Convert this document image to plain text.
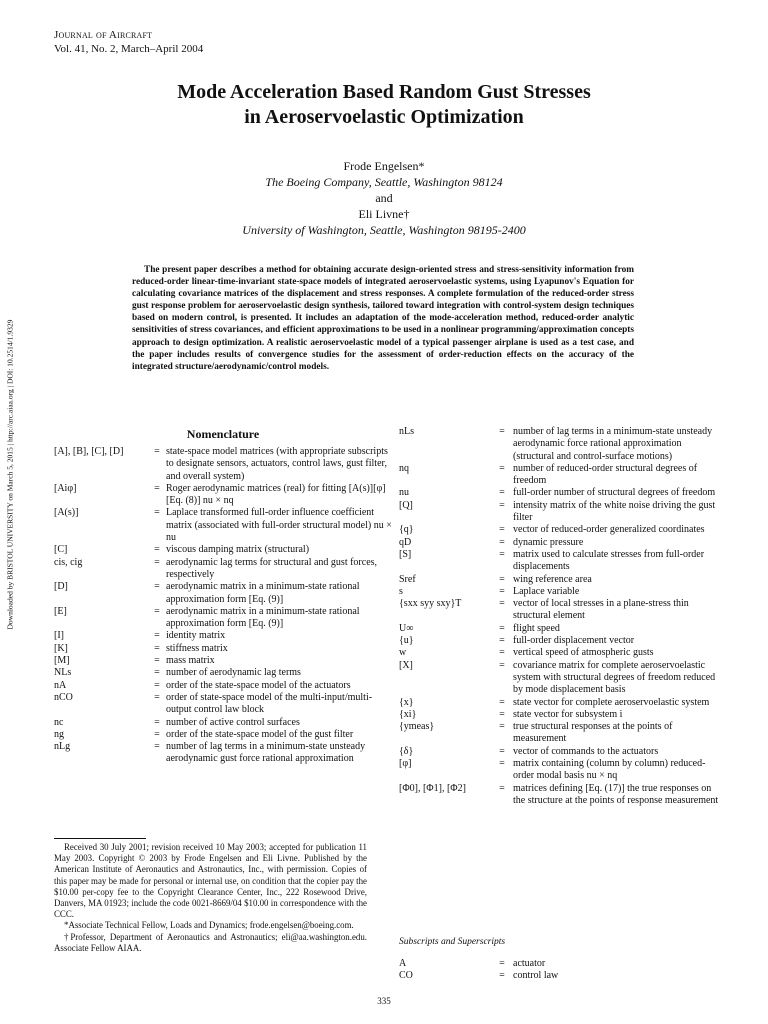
Journal of Aircraft
Vol. 41, No. 2, March–April 2004
Mode Acceleration Based Random Gust Stresses
in Aeroservoelastic Optimization
Frode Engelsen*
The Boeing Company, Seattle, Washington 98124
and
Eli Livne†
University of Washington, Seattle, Washington 98195-2400
Downloaded by BRISTOL UNIVERSITY on March 5, 2015 | http://arc.aiaa.org | DOI: 10.2514/1.9329
The present paper describes a method for obtaining accurate design-oriented stress and stress-sensitivity information from reduced-order linear-time-invariant state-space models of integrated aeroservoelastic systems, using Lyapunov's Equation for calculating covariance matrices of the displacement and stress responses. A complete formulation of the reduced-order stress gust response problem for aeroservoelastic design synthesis, tailored toward integration with control-system design techniques based on modern control, is presented. It includes an adaptation of the mode-acceleration method, reduced-order analytic sensitivities of stress covariances, and efficient approximations to be used in a nonlinear programming/approximation concepts approach to design optimization. A realistic aeroservoelastic model of a typical passenger airplane is used as a test case, and the paper includes results of convergence studies for the assessment of order-reduction effects on the accuracy of the integrated structure/aerodynamic/control models.
Nomenclature
[A], [B], [C], [D]	= state-space model matrices (with appropriate subscripts to designate sensors, actuators, control laws, gust filter, and overall system)
[Aiφ]	= Roger aerodynamic matrices (real) for fitting [A(s)][φ] [Eq. (8)] nu × nq
[A(s)]	= Laplace transformed full-order influence coefficient matrix (associated with full-order structural model) nu × nu
[C]	= viscous damping matrix (structural)
cis, cig	= aerodynamic lag terms for structural and gust forces, respectively
[D]	= aerodynamic matrix in a minimum-state rational approximation form [Eq. (9)]
[E]	= aerodynamic matrix in a minimum-state rational approximation form [Eq. (9)]
[I]	= identity matrix
[K]	= stiffness matrix
[M]	= mass matrix
NLs	= number of aerodynamic lag terms
nA	= order of the state-space model of the actuators
nCO	= order of state-space model of the multi-input/multi-output control law block
nc	= number of active control surfaces
ng	= order of the state-space model of the gust filter
nLg	= number of lag terms in a minimum-state unsteady aerodynamic gust force rational approximation
nLs	= number of lag terms in a minimum-state unsteady aerodynamic force rational approximation (structural and control-surface motions)
nq	= number of reduced-order structural degrees of freedom
nu	= full-order number of structural degrees of freedom
[Q]	= intensity matrix of the white noise driving the gust filter
{q}	= vector of reduced-order generalized coordinates
qD	= dynamic pressure
[S]	= matrix used to calculate stresses from full-order displacements
Sref	= wing reference area
s	= Laplace variable
{sxx syy sxy}T	= vector of local stresses in a plane-stress thin structural element
U∞	= flight speed
{u}	= full-order displacement vector
w	= vertical speed of atmospheric gusts
[X]	= covariance matrix for complete aeroservoelastic system with structural degrees of freedom reduced by mode displacement basis
{x}	= state vector for complete aeroservoelastic system
{xi}	= state vector for subsystem i
{ymeas}	= true structural responses at the points of measurement
{δ}	= vector of commands to the actuators
[φ]	= matrix containing (column by column) reduced-order modal basis nu × nq
[Φ0], [Φ1], [Φ2]	= matrices defining [Eq. (17)] the true responses on the structure at the points of response measurement

Received 30 July 2001; revision received 10 May 2003; accepted for publication 11 May 2003. Copyright © 2003 by Frode Engelsen and Eli Livne. Published by the American Institute of Aeronautics and Astronautics, Inc., with permission. Copies of this paper may be made for personal or internal use, on condition that the copier pay the $10.00 per-copy fee to the Copyright Clearance Center, Inc., 222 Rosewood Drive, Danvers, MA 01923; include the code 0021-8669/04 $10.00 in correspondence with the CCC.

*Associate Technical Fellow, Loads and Dynamics; frode.engelsen@boeing.com.

†Professor, Department of Aeronautics and Astronautics; eli@aa.washington.edu. Associate Fellow AIAA.

Subscripts and Superscripts
A	= actuator
CO	= control law
335
